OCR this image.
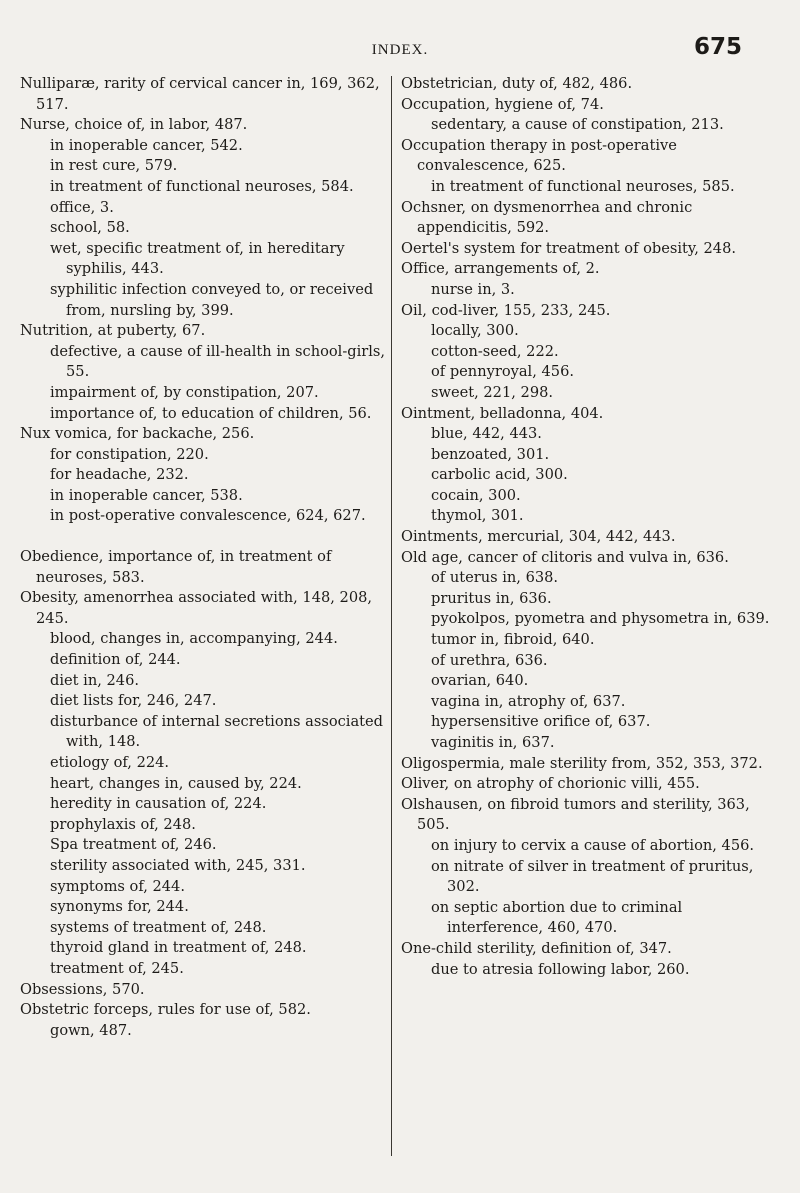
INDEX.	675

Nulliparæ, rarity of cervical cancer in, 169, 362, 517.

Nurse, choice of, in labor, 487.

in inoperable cancer, 542.

in rest cure, 579.

in treatment of functional neuroses, 584.

office, 3.

school, 58.

wet, specific treatment of, in hereditary syphilis, 443.

syphilitic infection conveyed to, or received from, nursling by, 399.

Nutrition, at puberty, 67.

defective, a cause of ill-health in school-girls, 55.

impairment of, by constipation, 207.

importance of, to education of children, 56.

Nux vomica, for backache, 256.

for constipation, 220.

for headache, 232.

in inoperable cancer, 538.

in post-operative convalescence, 624, 627.

Obedience, importance of, in treatment of neuroses, 583.

Obesity, amenorrhea associated with, 148, 208, 245.

blood, changes in, accompanying, 244.

definition of, 244.

diet in, 246.

diet lists for, 246, 247.

disturbance of internal secretions associated with, 148.

etiology of, 224.

heart, changes in, caused by, 224.

heredity in causation of, 224.

prophylaxis of, 248.

Spa treatment of, 246.

sterility associated with, 245, 331.

symptoms of, 244.

synonyms for, 244.

systems of treatment of, 248.

thyroid gland in treatment of, 248.

treatment of, 245.

Obsessions, 570.

Obstetric forceps, rules for use of, 582.

gown, 487.

Obstetrician, duty of, 482, 486.

Occupation, hygiene of, 74.

sedentary, a cause of constipation, 213.

Occupation therapy in post-operative convalescence, 625.

in treatment of functional neuroses, 585.

Ochsner, on dysmenorrhea and chronic appendicitis, 592.

Oertel's system for treatment of obesity, 248.

Office, arrangements of, 2.

nurse in, 3.

Oil, cod-liver, 155, 233, 245.

locally, 300.

cotton-seed, 222.

of pennyroyal, 456.

sweet, 221, 298.

Ointment, belladonna, 404.

blue, 442, 443.

benzoated, 301.

carbolic acid, 300.

cocain, 300.

thymol, 301.

Ointments, mercurial, 304, 442, 443.

Old age, cancer of clitoris and vulva in, 636.

of uterus in, 638.

pruritus in, 636.

pyokolpos, pyometra and physometra in, 639.

tumor in, fibroid, 640.

of urethra, 636.

ovarian, 640.

vagina in, atrophy of, 637.

hypersensitive orifice of, 637.

vaginitis in, 637.

Oligospermia, male sterility from, 352, 353, 372.

Oliver, on atrophy of chorionic villi, 455.

Olshausen, on fibroid tumors and sterility, 363, 505.

on injury to cervix a cause of abortion, 456.

on nitrate of silver in treatment of pruritus, 302.

on septic abortion due to criminal interference, 460, 470.

One-child sterility, definition of, 347.

due to atresia following labor, 260.
